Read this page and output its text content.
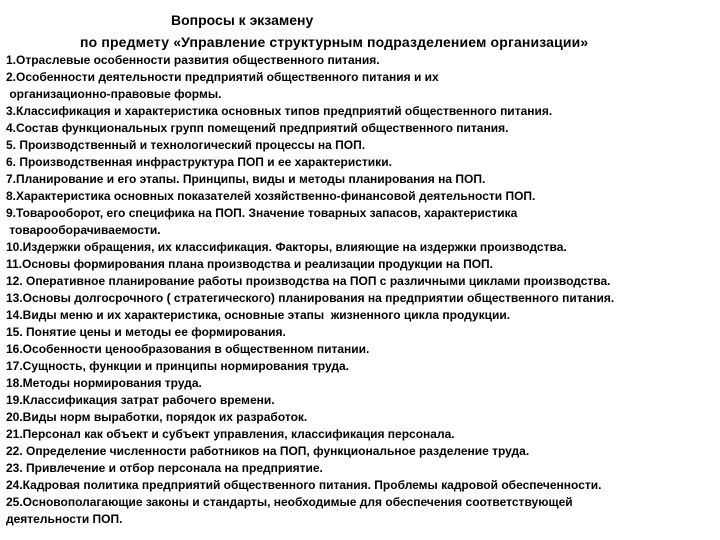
Вопросы к экзамену
по предмету «Управление структурным подразделением организации»
1.Отраслевые особенности развития общественного питания.
2.Особенности деятельности предприятий общественного питания и их
организационно-правовые формы.
3.Классификация и характеристика основных типов предприятий общественного питания.
4.Состав функциональных групп помещений предприятий общественного питания.
5. Производственный и технологический процессы на ПОП.
6. Производственная инфраструктура ПОП и ее характеристики.
7.Планирование и его этапы. Принципы, виды и методы планирования на ПОП.
8.Характеристика основных показателей хозяйственно-финансовой деятельности ПОП.
9.Товарооборот, его специфика на ПОП. Значение товарных запасов, характеристика
товарооборачиваемости.
10.Издержки обращения, их классификация. Факторы, влияющие на издержки производства.
11.Основы формирования плана производства и реализации продукции на ПОП.
12. Оперативное планирование работы производства на ПОП с различными циклами производства.
13.Основы долгосрочного ( стратегического) планирования на предприятии общественного питания.
14.Виды меню и их характеристика, основные этапы  жизненного цикла продукции.
15. Понятие цены и методы ее формирования.
16.Особенности ценообразования в общественном питании.
17.Сущность, функции и принципы нормирования труда.
18.Методы нормирования труда.
19.Классификация затрат рабочего времени.
20.Виды норм выработки, порядок их разработок.
21.Персонал как объект и субъект управления, классификация персонала.
22. Определение численности работников на ПОП, функциональное разделение труда.
23. Привлечение и отбор персонала на предприятие.
24.Кадровая политика предприятий общественного питания. Проблемы кадровой обеспеченности.
25.Основополагающие законы и стандарты, необходимые для обеспечения соответствующей
деятельности ПОП.
